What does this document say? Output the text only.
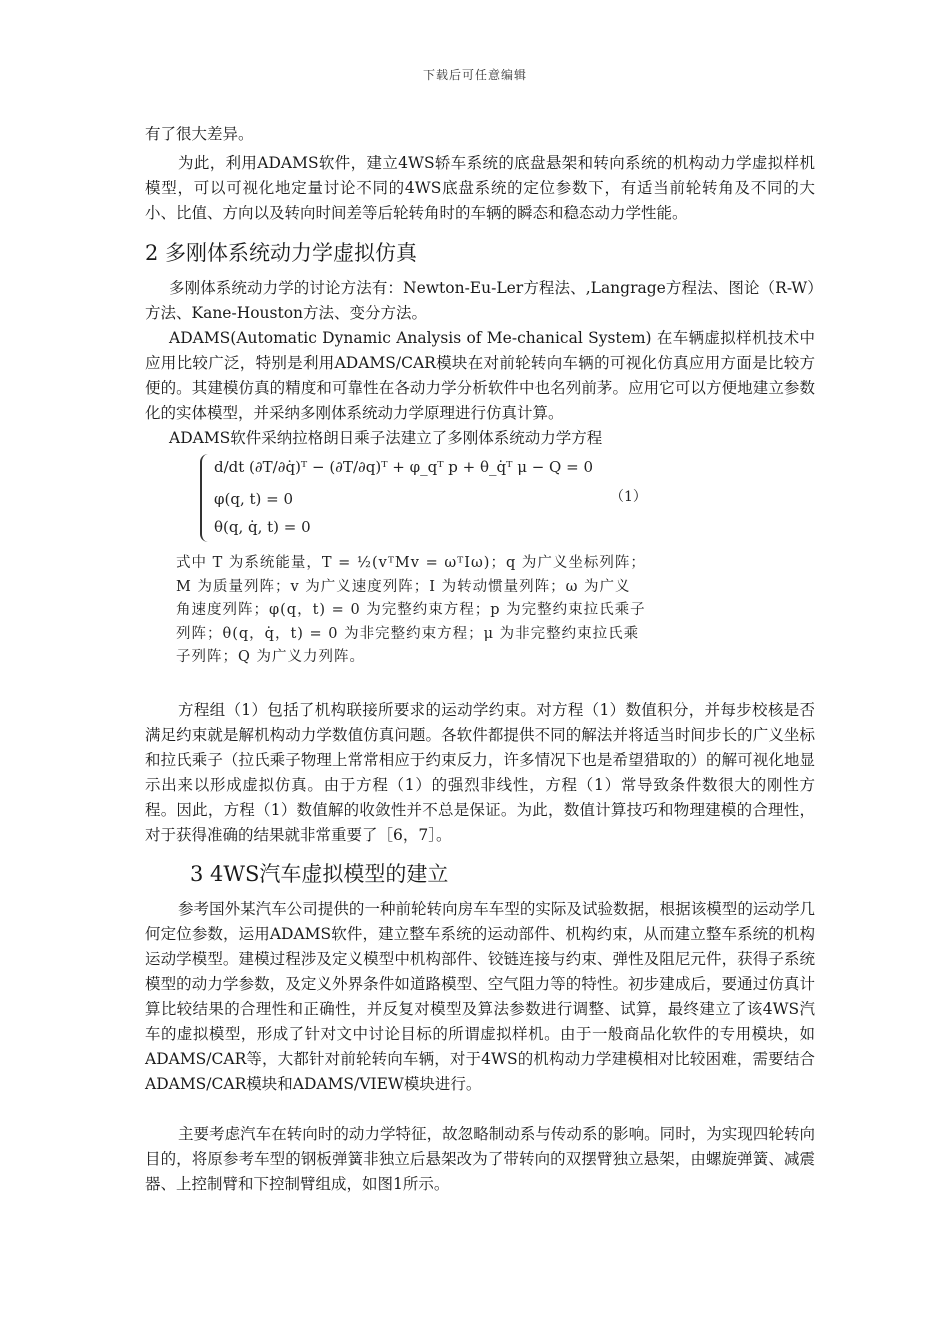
下载后可任意编辑

有了很大差异。

为此，利用ADAMS软件，建立4WS轿车系统的底盘悬架和转向系统的机构动力学虚拟样机模型，可以可视化地定量讨论不同的4WS底盘系统的定位参数下，有适当前轮转角及不同的大小、比值、方向以及转向时间差等后轮转角时的车辆的瞬态和稳态动力学性能。

2 多刚体系统动力学虚拟仿真

多刚体系统动力学的讨论方法有：Newton-Eu-Ler方程法、,Langrage方程法、图论（R-W）方法、Kane-Houston方法、变分方法。

ADAMS(Automatic Dynamic Analysis of Me-chanical System) 在车辆虚拟样机技术中应用比较广泛，特别是利用ADAMS/CAR模块在对前轮转向车辆的可视化仿真应用方面是比较方便的。其建模仿真的精度和可靠性在各动力学分析软件中也名列前茅。应用它可以方便地建立参数化的实体模型，并采纳多刚体系统动力学原理进行仿真计算。

ADAMS软件采纳拉格朗日乘子法建立了多刚体系统动力学方程

d/dt (∂T/∂q̇)ᵀ − (∂T/∂q)ᵀ + φ_qᵀ p + θ_q̇ᵀ μ − Q = 0
φ(q, t) = 0
θ(q, q̇, t) = 0
（1）
式中 T 为系统能量，T = ½(vᵀMv = ωᵀIω)；q 为广义坐标列阵；M 为质量列阵；v 为广义速度列阵；I 为转动惯量列阵；ω 为广义角速度列阵；φ(q，t) = 0 为完整约束方程；p 为完整约束拉氏乘子列阵；θ(q，q̇，t) = 0 为非完整约束方程；μ 为非完整约束拉氏乘子列阵；Q 为广义力列阵。

方程组（1）包括了机构联接所要求的运动学约束。对方程（1）数值积分，并每步校核是否满足约束就是解机构动力学数值仿真问题。各软件都提供不同的解法并将适当时间步长的广义坐标和拉氏乘子（拉氏乘子物理上常常相应于约束反力，许多情况下也是希望猎取的）的解可视化地显示出来以形成虚拟仿真。由于方程（1）的强烈非线性，方程（1）常导致条件数很大的刚性方程。因此，方程（1）数值解的收敛性并不总是保证。为此，数值计算技巧和物理建模的合理性，对于获得准确的结果就非常重要了［6，7］。

3 4WS汽车虚拟模型的建立

参考国外某汽车公司提供的一种前轮转向房车车型的实际及试验数据，根据该模型的运动学几何定位参数，运用ADAMS软件，建立整车系统的运动部件、机构约束，从而建立整车系统的机构运动学模型。建模过程涉及定义模型中机构部件、铰链连接与约束、弹性及阻尼元件，获得子系统模型的动力学参数，及定义外界条件如道路模型、空气阻力等的特性。初步建成后，要通过仿真计算比较结果的合理性和正确性，并反复对模型及算法参数进行调整、试算，最终建立了该4WS汽车的虚拟模型，形成了针对文中讨论目标的所谓虚拟样机。由于一般商品化软件的专用模块，如ADAMS/CAR等，大都针对前轮转向车辆，对于4WS的机构动力学建模相对比较困难，需要结合ADAMS/CAR模块和ADAMS/VIEW模块进行。

主要考虑汽车在转向时的动力学特征，故忽略制动系与传动系的影响。同时，为实现四轮转向目的，将原参考车型的钢板弹簧非独立后悬架改为了带转向的双摆臂独立悬架，由螺旋弹簧、减震器、上控制臂和下控制臂组成，如图1所示。
